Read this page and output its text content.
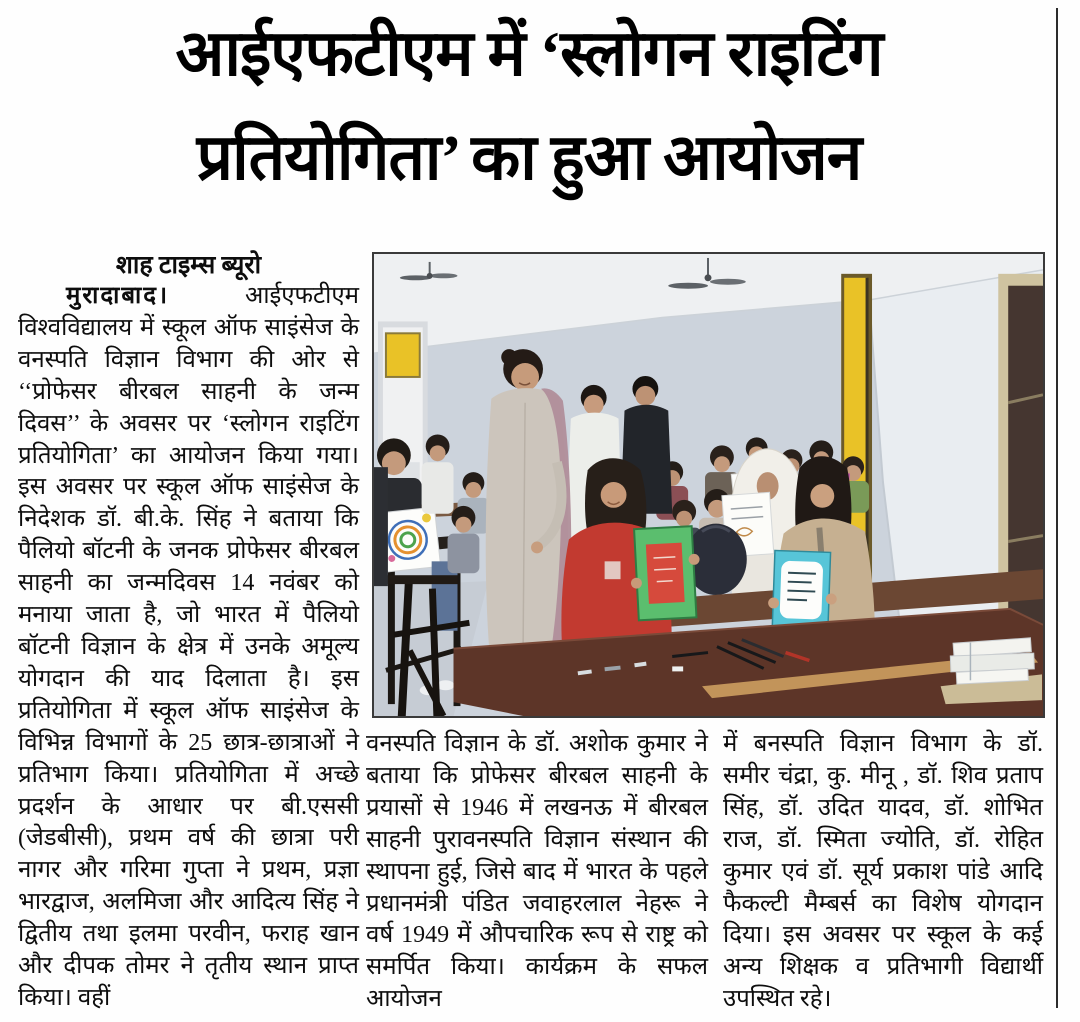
आईएफटीएम में ‘स्लोगन राइटिंग
प्रतियोगिता’ का हुआ आयोजन
शाह टाइम्स ब्यूरो

मुरादाबाद।	आईएफटीएम विश्वविद्यालय में स्कूल ऑफ साइंसेज के वनस्पति विज्ञान विभाग की ओर से ‘‘प्रोफेसर बीरबल साहनी के जन्म दिवस’’ के अवसर पर ‘स्लोगन राइटिंग प्रतियोगिता’ का आयोजन किया गया। इस अवसर पर स्कूल ऑफ साइंसेज के निदेशक डॉ. बी.के. सिंह ने बताया कि पैलियो बॉटनी के जनक प्रोफेसर बीरबल साहनी का जन्मदिवस 14 नवंबर को मनाया जाता है, जो भारत में पैलियो बॉटनी विज्ञान के क्षेत्र में उनके अमूल्य योगदान की याद दिलाता है। इस प्रतियोगिता में स्कूल ऑफ साइंसेज के विभिन्न विभागों के 25 छात्र-छात्राओं ने प्रतिभाग किया। प्रतियोगिता में अच्छे प्रदर्शन के आधार पर बी.एससी (जेडबीसी), प्रथम वर्ष की छात्रा परी नागर और गरिमा गुप्ता ने प्रथम, प्रज्ञा भारद्वाज, अलमिजा और आदित्य सिंह ने द्वितीय तथा इलमा परवीन, फराह खान और दीपक तोमर ने तृतीय स्थान प्राप्त किया। वहीं

वनस्पति विज्ञान के डॉ. अशोक कुमार ने बताया कि प्रोफेसर बीरबल साहनी के प्रयासों से 1946 में लखनऊ में बीरबल साहनी पुरावनस्पति विज्ञान संस्थान की स्थापना हुई, जिसे बाद में भारत के पहले प्रधानमंत्री पंडित जवाहरलाल नेहरू ने वर्ष 1949 में औपचारिक रूप से राष्ट्र को समर्पित किया। कार्यक्रम के सफल आयोजन

में बनस्पति विज्ञान विभाग के डॉ. समीर चंद्रा, कु. मीनू , डॉ. शिव प्रताप सिंह, डॉ. उदित यादव, डॉ. शोभित राज, डॉ. स्मिता ज्योति, डॉ. रोहित कुमार एवं डॉ. सूर्य प्रकाश पांडे आदि फैकल्टी मैम्बर्स का विशेष योगदान दिया। इस अवसर पर स्कूल के कई अन्य शिक्षक व प्रतिभागी विद्यार्थी उपस्थित रहे।
